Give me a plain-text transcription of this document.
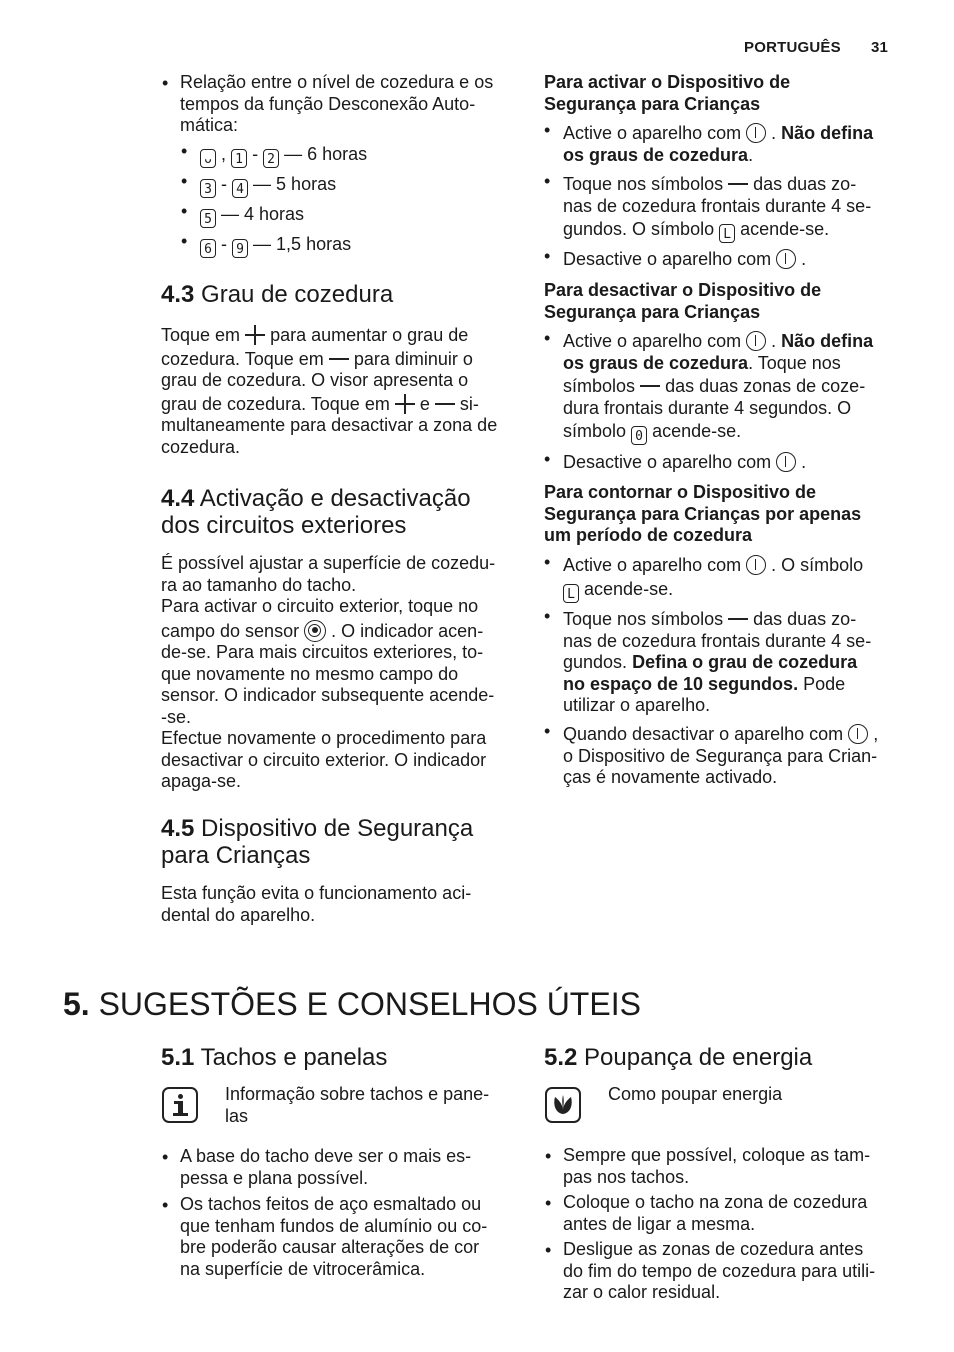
PORTUGUÊS 31
• Relação entre o nível de cozedura e os tempos da função Desconexão Auto-mática:
•	ᴗ , 1 - 2 — 6 horas
•	3 - 4 — 5 horas
•	5 — 4 horas
•	6 - 9 — 1,5 horas
4.3 Grau de cozedura
Toque em para aumentar o grau de
cozedura. Toque em para diminuir o
grau de cozedura. O visor apresenta o
grau de cozedura. Toque em e si-
multaneamente para desactivar a zona de
cozedura.
4.4 Activação e desactivação
dos circuitos exteriores
É possível ajustar a superfície de cozedu-
ra ao tamanho do tacho.
Para activar o circuito exterior, toque no
campo do sensor . O indicador acen-
de-se. Para mais circuitos exteriores, to-
que novamente no mesmo campo do
sensor. O indicador subsequente acende-
-se.
Efectue novamente o procedimento para
desactivar o circuito exterior. O indicador
apaga-se.
4.5 Dispositivo de Segurança
para Crianças
Esta função evita o funcionamento aci-
dental do aparelho.
Para activar o Dispositivo de
Segurança para Crianças
• Active o aparelho com . Não defina
os graus de cozedura.
• Toque nos símbolos das duas zo-
nas de cozedura frontais durante 4 se-
gundos. O símbolo L acende-se.
• Desactive o aparelho com .
Para desactivar o Dispositivo de
Segurança para Crianças
• Active o aparelho com . Não defina
os graus de cozedura. Toque nos
símbolos das duas zonas de coze-
dura frontais durante 4 segundos. O
símbolo 0 acende-se.
• Desactive o aparelho com .
Para contornar o Dispositivo de
Segurança para Crianças por apenas
um período de cozedura
• Active o aparelho com . O símbolo
L acende-se.
• Toque nos símbolos das duas zo-
nas de cozedura frontais durante 4 se-
gundos. Defina o grau de cozedura
no espaço de 10 segundos. Pode
utilizar o aparelho.
• Quando desactivar o aparelho com ,
o Dispositivo de Segurança para Crian-
ças é novamente activado.
5. SUGESTÕES E CONSELHOS ÚTEIS
5.1 Tachos e panelas
Informação sobre tachos e pane-
las
• A base do tacho deve ser o mais es-
pessa e plana possível.
• Os tachos feitos de aço esmaltado ou
que tenham fundos de alumínio ou co-
bre poderão causar alterações de cor
na superfície de vitrocerâmica.
5.2 Poupança de energia
Como poupar energia
• Sempre que possível, coloque as tam-
pas nos tachos.
• Coloque o tacho na zona de cozedura
antes de ligar a mesma.
• Desligue as zonas de cozedura antes
do fim do tempo de cozedura para utili-
zar o calor residual.
